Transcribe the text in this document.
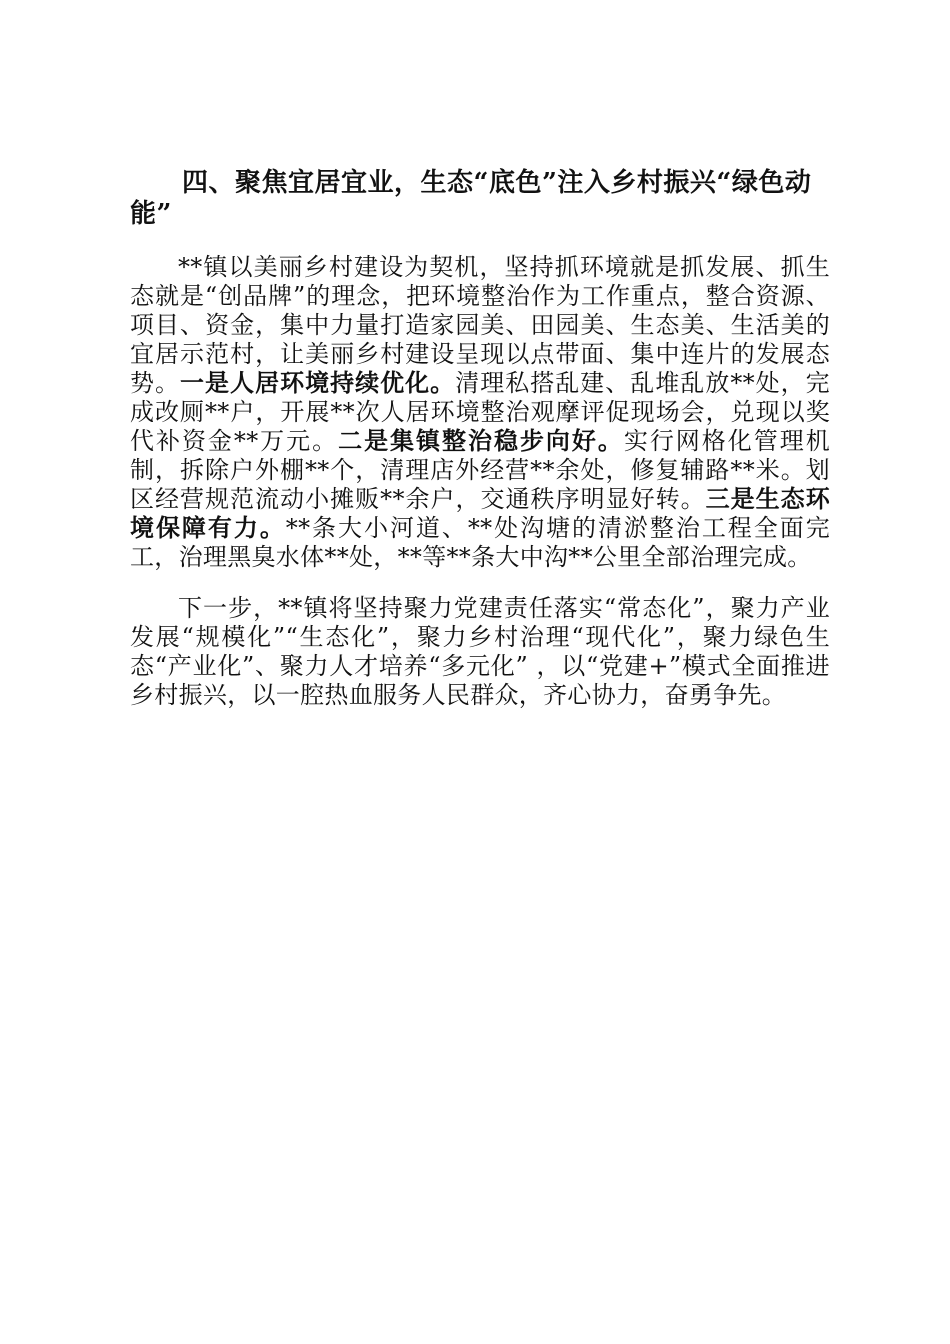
四、聚焦宜居宜业，生态“底色”注入乡村振兴“绿色动能”

**镇以美丽乡村建设为契机，坚持抓环境就是抓发展、抓生态就是“创品牌”的理念，把环境整治作为工作重点，整合资源、项目、资金，集中力量打造家园美、田园美、生态美、生活美的宜居示范村，让美丽乡村建设呈现以点带面、集中连片的发展态势。一是人居环境持续优化。清理私搭乱建、乱堆乱放**处，完成改厕**户，开展**次人居环境整治观摩评促现场会，兑现以奖代补资金**万元。二是集镇整治稳步向好。实行网格化管理机制，拆除户外棚**个，清理店外经营**余处，修复辅路**米。划区经营规范流动小摊贩**余户，交通秩序明显好转。三是生态环境保障有力。**条大小河道、**处沟塘的清淤整治工程全面完工，治理黑臭水体**处，**等**条大中沟**公里全部治理完成。

下一步，**镇将坚持聚力党建责任落实“常态化”，聚力产业发展“规模化”“生态化”，聚力乡村治理“现代化”，聚力绿色生态“产业化”、聚力人才培养“多元化” ，以“党建+”模式全面推进乡村振兴，以一腔热血服务人民群众，齐心协力，奋勇争先。
